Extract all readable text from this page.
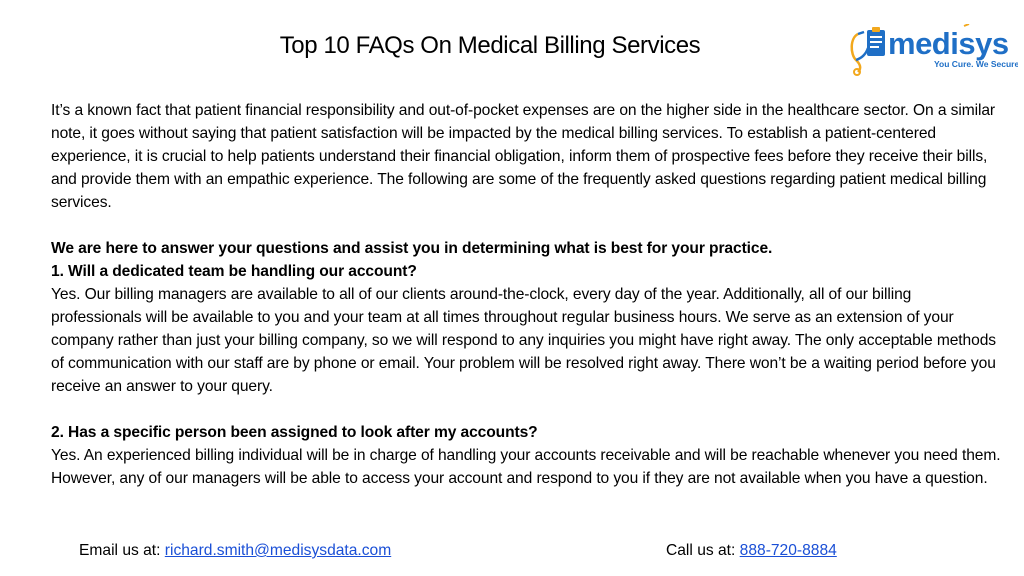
Top 10 FAQs On Medical Billing Services	medisys
You Cure. We Secure.

It’s a known fact that patient financial responsibility and out-of-pocket expenses are on the higher side in the healthcare sector. On a similar note, it goes without saying that patient satisfaction will be impacted by the medical billing services. To establish a patient-centered experience, it is crucial to help patients understand their financial obligation, inform them of prospective fees before they receive their bills, and provide them with an empathic experience. The following are some of the frequently asked questions regarding patient medical billing services.

We are here to answer your questions and assist you in determining what is best for your practice.

1. Will a dedicated team be handling our account?

Yes. Our billing managers are available to all of our clients around-the-clock, every day of the year. Additionally, all of our billing professionals will be available to you and your team at all times throughout regular business hours. We serve as an extension of your company rather than just your billing company, so we will respond to any inquiries you might have right away. The only acceptable methods of communication with our staff are by phone or email. Your problem will be resolved right away. There won’t be a waiting period before you receive an answer to your query.

2. Has a specific person been assigned to look after my accounts?

Yes. An experienced billing individual will be in charge of handling your accounts receivable and will be reachable whenever you need them. However, any of our managers will be able to access your account and respond to you if they are not available when you have a question.

Email us at: richard.smith@medisysdata.com	Call us at: 888-720-8884
